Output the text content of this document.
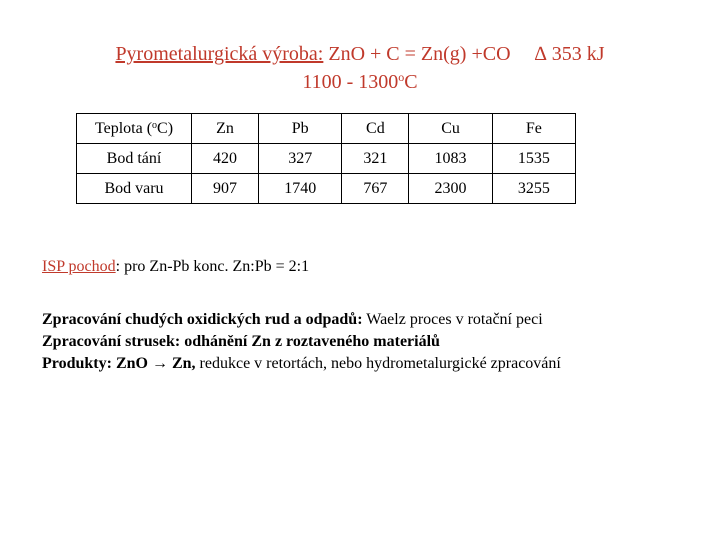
Pyrometalurgická výroba: ZnO + C = Zn(g) +CO ∆ 353 kJ
1100 - 1300$^o$C
Teplota ($^o$C)	Zn	Pb	Cd	Cu	Fe
Bod tání	420	327	321	1083	1535
Bod varu	907	1740	767	2300	3255
ISP pochod: pro Zn-Pb konc. Zn:Pb = 2:1
Zpracování chudých oxidických rud a odpadů: Waelz proces v rotační peci
Zpracování strusek: odhánění Zn z roztaveného materiálů
Produkty: ZnO → Zn, redukce v retortách, nebo hydrometalurgické zpracování
